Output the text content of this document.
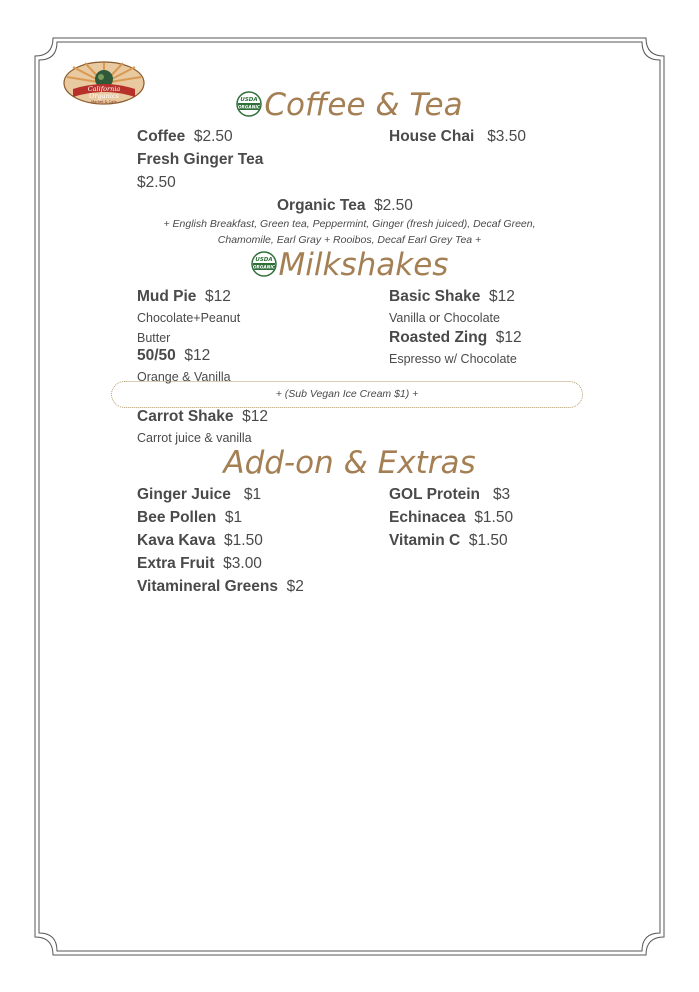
California
Organics
Market & Cafe	USDA
ORGANIC Coffee & Tea
Coffee $2.50	House Chai $3.50
Fresh Ginger Tea
$2.50
Organic Tea $2.50
+ English Breakfast, Green tea, Peppermint, Ginger (fresh juiced), Decaf Green,
Chamomile, Earl Gray + Rooibos, Decaf Earl Grey Tea +
USDA
ORGANIC Milkshakes
Mud Pie $12
Chocolate+Peanut
Butter
Basic Shake $12
Vanilla or Chocolate
Roasted Zing $12
Espresso w/ Chocolate
50/50 $12
Orange & Vanilla
+ (Sub Vegan Ice Cream $1) +
Carrot Shake $12
Carrot juice & vanilla
Add-on & Extras
Ginger Juice $1
Bee Pollen $1
Kava Kava $1.50
Extra Fruit $3.00
Vitamineral Greens $2
GOL Protein $3
Echinacea $1.50
Vitamin C $1.50
